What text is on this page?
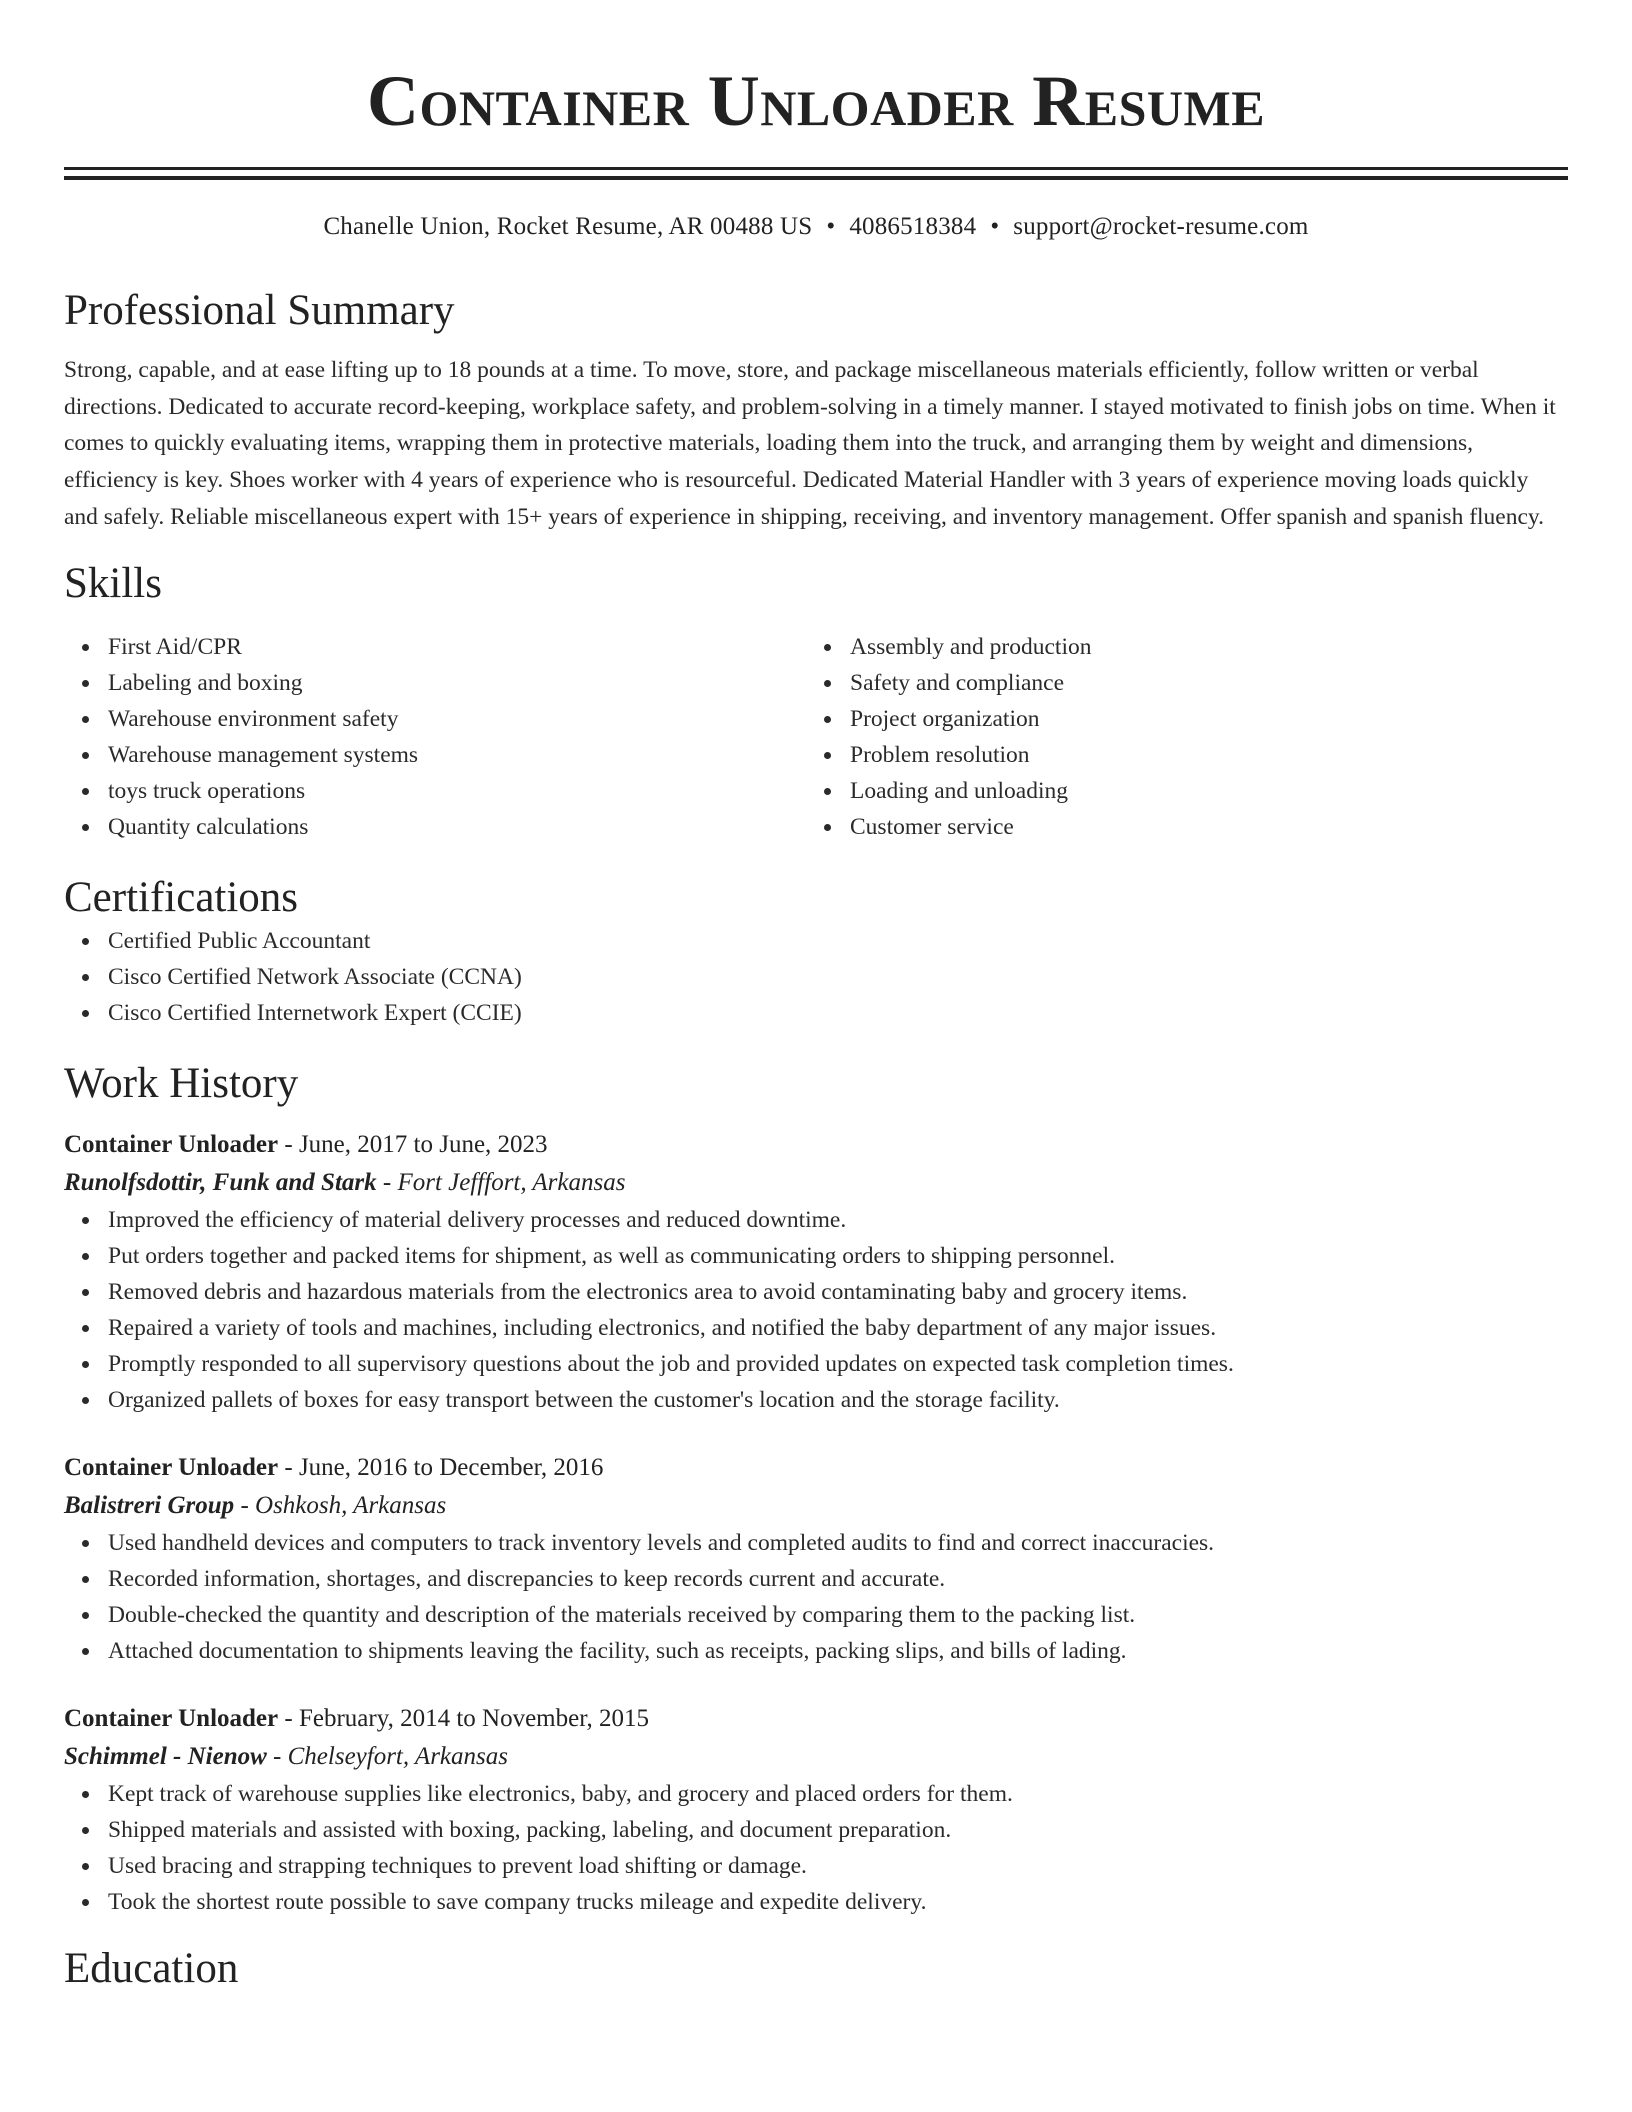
Container Unloader Resume
Chanelle Union, Rocket Resume, AR 00488 US • 4086518384 • support@rocket-resume.com
Professional Summary
Strong, capable, and at ease lifting up to 18 pounds at a time. To move, store, and package miscellaneous materials efficiently, follow written or verbal directions. Dedicated to accurate record-keeping, workplace safety, and problem-solving in a timely manner. I stayed motivated to finish jobs on time. When it comes to quickly evaluating items, wrapping them in protective materials, loading them into the truck, and arranging them by weight and dimensions, efficiency is key. Shoes worker with 4 years of experience who is resourceful. Dedicated Material Handler with 3 years of experience moving loads quickly and safely. Reliable miscellaneous expert with 15+ years of experience in shipping, receiving, and inventory management. Offer spanish and spanish fluency.
Skills
First Aid/CPR
Labeling and boxing
Warehouse environment safety
Warehouse management systems
toys truck operations
Quantity calculations
Assembly and production
Safety and compliance
Project organization
Problem resolution
Loading and unloading
Customer service
Certifications
Certified Public Accountant
Cisco Certified Network Associate (CCNA)
Cisco Certified Internetwork Expert (CCIE)
Work History
Container Unloader - June, 2017 to June, 2023
Runolfsdottir, Funk and Stark - Fort Jefffort, Arkansas
Improved the efficiency of material delivery processes and reduced downtime.
Put orders together and packed items for shipment, as well as communicating orders to shipping personnel.
Removed debris and hazardous materials from the electronics area to avoid contaminating baby and grocery items.
Repaired a variety of tools and machines, including electronics, and notified the baby department of any major issues.
Promptly responded to all supervisory questions about the job and provided updates on expected task completion times.
Organized pallets of boxes for easy transport between the customer's location and the storage facility.
Container Unloader - June, 2016 to December, 2016
Balistreri Group - Oshkosh, Arkansas
Used handheld devices and computers to track inventory levels and completed audits to find and correct inaccuracies.
Recorded information, shortages, and discrepancies to keep records current and accurate.
Double-checked the quantity and description of the materials received by comparing them to the packing list.
Attached documentation to shipments leaving the facility, such as receipts, packing slips, and bills of lading.
Container Unloader - February, 2014 to November, 2015
Schimmel - Nienow - Chelseyfort, Arkansas
Kept track of warehouse supplies like electronics, baby, and grocery and placed orders for them.
Shipped materials and assisted with boxing, packing, labeling, and document preparation.
Used bracing and strapping techniques to prevent load shifting or damage.
Took the shortest route possible to save company trucks mileage and expedite delivery.
Education
